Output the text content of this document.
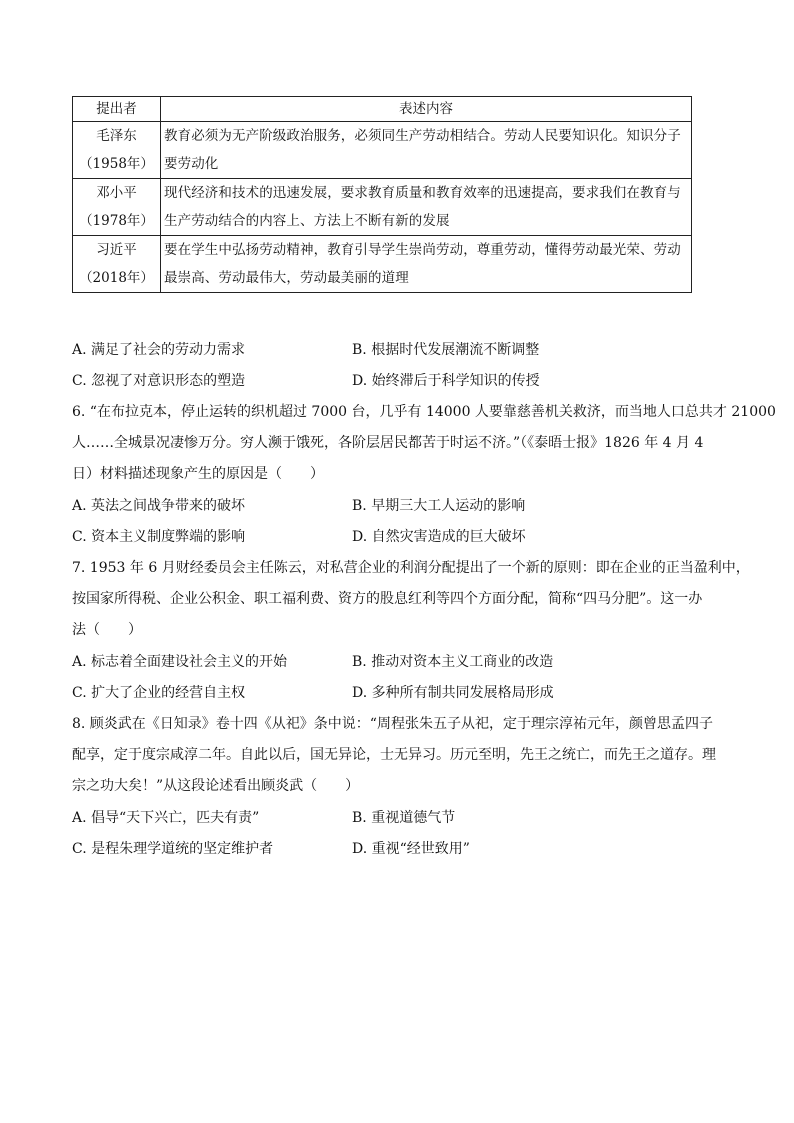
提出者	表述内容
毛泽东（1958年）	教育必须为无产阶级政治服务，必须同生产劳动相结合。劳动人民要知识化。知识分子要劳动化
邓小平（1978年）	现代经济和技术的迅速发展，要求教育质量和教育效率的迅速提高，要求我们在教育与生产劳动结合的内容上、方法上不断有新的发展
习近平（2018年）	要在学生中弘扬劳动精神，教育引导学生崇尚劳动，尊重劳动，懂得劳动最光荣、劳动最崇高、劳动最伟大，劳动最美丽的道理
A. 满足了社会的劳动力需求	B. 根据时代发展潮流不断调整
C. 忽视了对意识形态的塑造	D. 始终滞后于科学知识的传授
6. “在布拉克本，停止运转的织机超过 7000 台，几乎有 14000 人要靠慈善机关救济，而当地人口总共才 21000
人……全城景况凄惨万分。穷人濒于饿死，各阶层居民都苦于时运不济。”（《泰晤士报》1826 年 4 月 4
日）材料描述现象产生的原因是（　　）
A. 英法之间战争带来的破坏	B. 早期三大工人运动的影响
C. 资本主义制度弊端的影响	D. 自然灾害造成的巨大破坏
7. 1953 年 6 月财经委员会主任陈云，对私营企业的利润分配提出了一个新的原则：即在企业的正当盈利中，
按国家所得税、企业公积金、职工福利费、资方的股息红利等四个方面分配，简称“四马分肥”。这一办
法（　　）
A. 标志着全面建设社会主义的开始	B. 推动对资本主义工商业的改造
C. 扩大了企业的经营自主权	D. 多种所有制共同发展格局形成
8. 顾炎武在《日知录》卷十四《从祀》条中说：“周程张朱五子从祀，定于理宗淳祐元年，颜曾思孟四子
配享，定于度宗咸淳二年。自此以后，国无异论，士无异习。历元至明，先王之统亡，而先王之道存。理
宗之功大矣！”从这段论述看出顾炎武（　　）
A. 倡导“天下兴亡，匹夫有责”	B. 重视道德气节
C. 是程朱理学道统的坚定维护者	D. 重视“经世致用”
